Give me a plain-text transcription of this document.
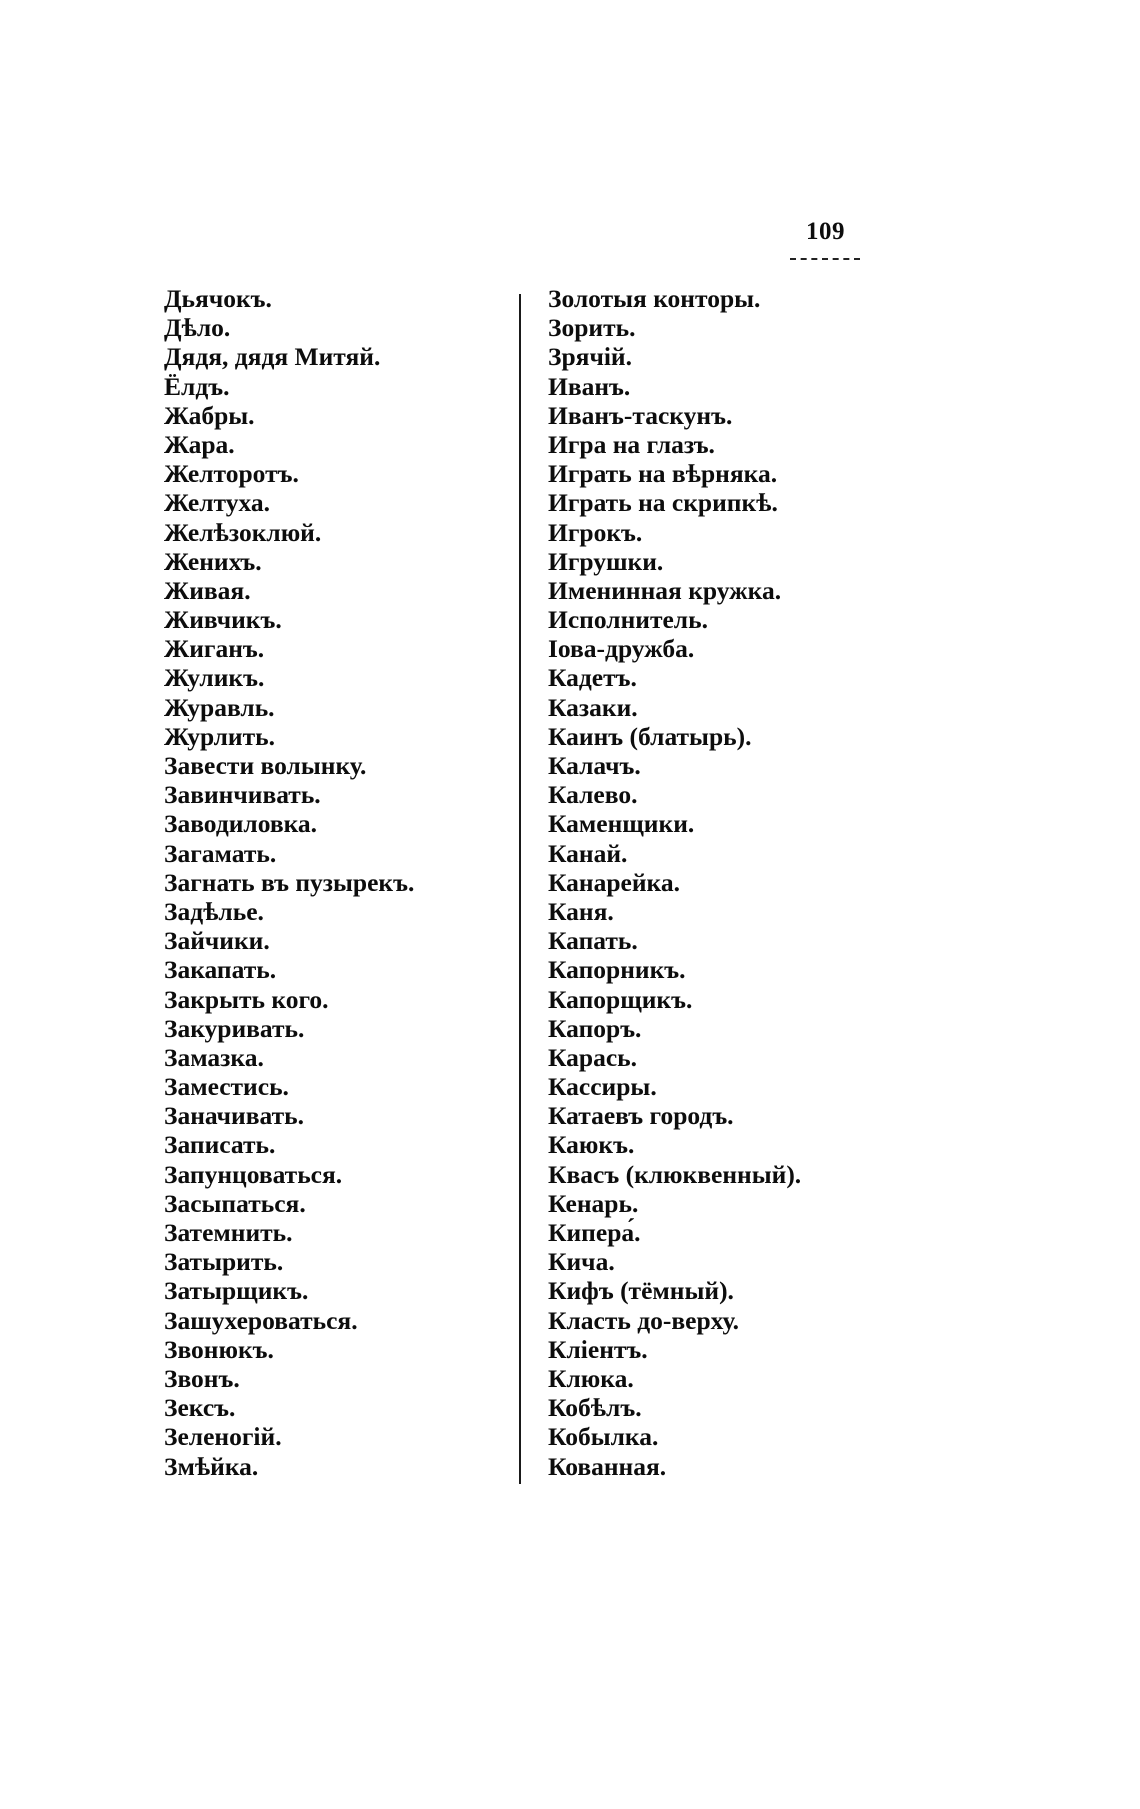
109
Дьячокъ.
Дѣло.
Дядя, дядя Митяй.
Ёлдъ.
Жабры.
Жара.
Желторотъ.
Желтуха.
Желѣзоклюй.
Женихъ.
Живая.
Живчикъ.
Жиганъ.
Жуликъ.
Журавль.
Журлить.
Завести волынку.
Завинчивать.
Заводиловка.
Загамать.
Загнать въ пузырекъ.
Задѣлье.
Зайчики.
Закапать.
Закрыть кого.
Закуривать.
Замазка.
Заместись.
Заначивать.
Записать.
Запунцоваться.
Засыпаться.
Затемнить.
Затырить.
Затырщикъ.
Зашухероваться.
Звонюкъ.
Звонъ.
Зексъ.
Зеленогій.
Змѣйка.
Золотыя конторы.
Зорить.
Зрячій.
Иванъ.
Иванъ-таскунъ.
Игра на глазъ.
Играть на вѣрняка.
Играть на скрипкѣ.
Игрокъ.
Игрушки.
Именинная кружка.
Исполнитель.
Іова-дружба.
Кадетъ.
Казаки.
Каинъ (блатырь).
Калачъ.
Калево.
Каменщики.
Канай.
Канарейка.
Каня.
Капать.
Капорникъ.
Капорщикъ.
Капоръ.
Карась.
Кассиры.
Катаевъ городъ.
Каюкъ.
Квасъ (клюквенный).
Кенарь.
Кипера́.
Кича.
Кифъ (тёмный).
Класть до-верху.
Кліентъ.
Клюка.
Кобѣлъ.
Кобылка.
Кованная.
